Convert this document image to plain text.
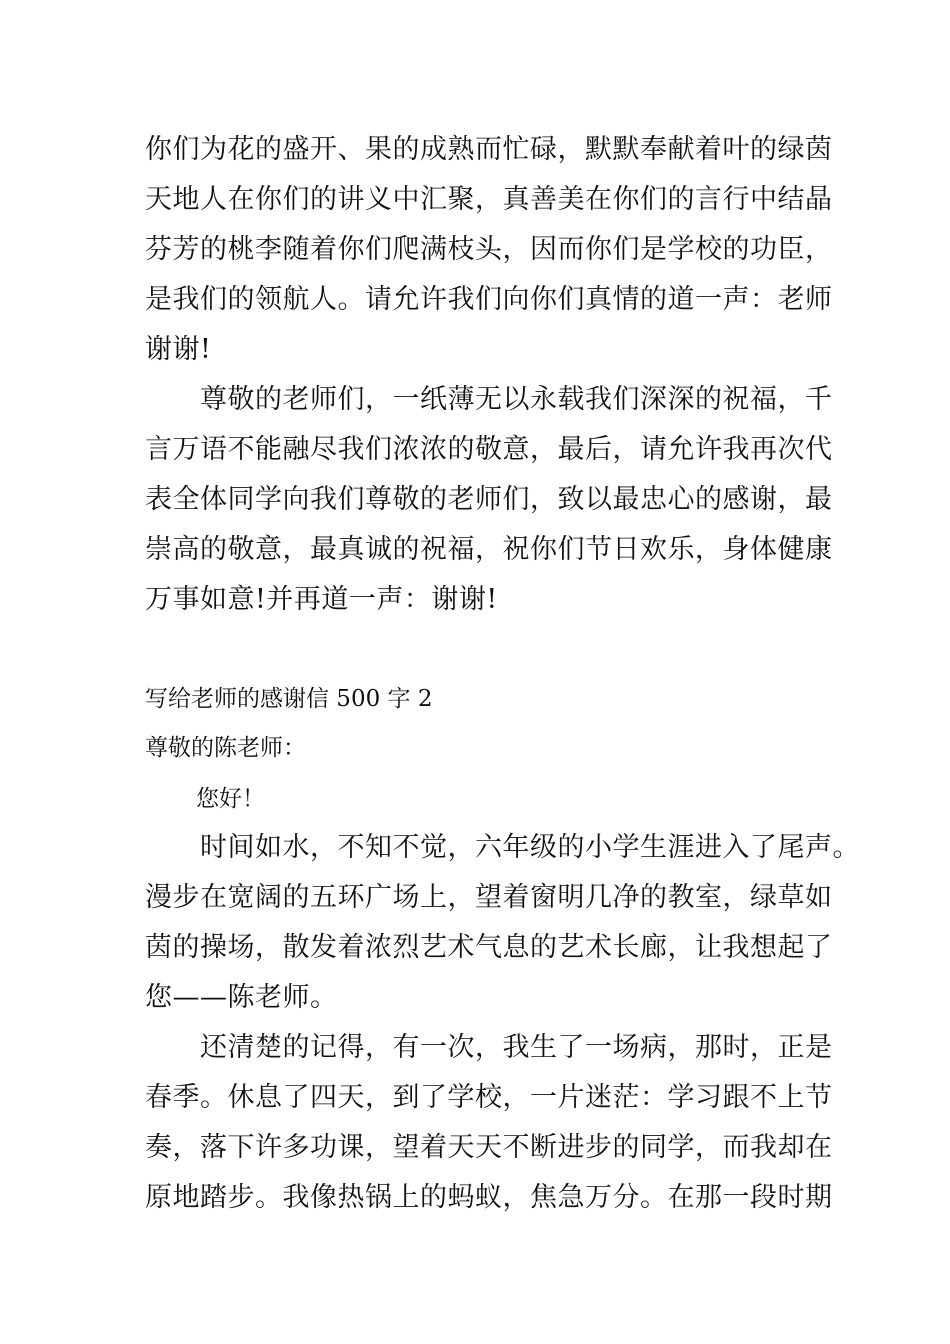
你们为花的盛开、果的成熟而忙碌，默默奉献着叶的绿茵
天地人在你们的讲义中汇聚，真善美在你们的言行中结晶
芬芳的桃李随着你们爬满枝头，因而你们是学校的功臣，
是我们的领航人。请允许我们向你们真情的道一声：老师
谢谢!
尊敬的老师们，一纸薄无以永载我们深深的祝福，千
言万语不能融尽我们浓浓的敬意，最后，请允许我再次代
表全体同学向我们尊敬的老师们，致以最忠心的感谢，最
崇高的敬意，最真诚的祝福，祝你们节日欢乐，身体健康
万事如意!并再道一声：谢谢!
写给老师的感谢信 500 字 2
尊敬的陈老师：
您好！
时间如水，不知不觉，六年级的小学生涯进入了尾声。
漫步在宽阔的五环广场上，望着窗明几净的教室，绿草如
茵的操场，散发着浓烈艺术气息的艺术长廊，让我想起了
您——陈老师。
还清楚的记得，有一次，我生了一场病，那时，正是
春季。休息了四天，到了学校，一片迷茫：学习跟不上节
奏，落下许多功课，望着天天不断进步的同学，而我却在
原地踏步。我像热锅上的蚂蚁，焦急万分。在那一段时期
